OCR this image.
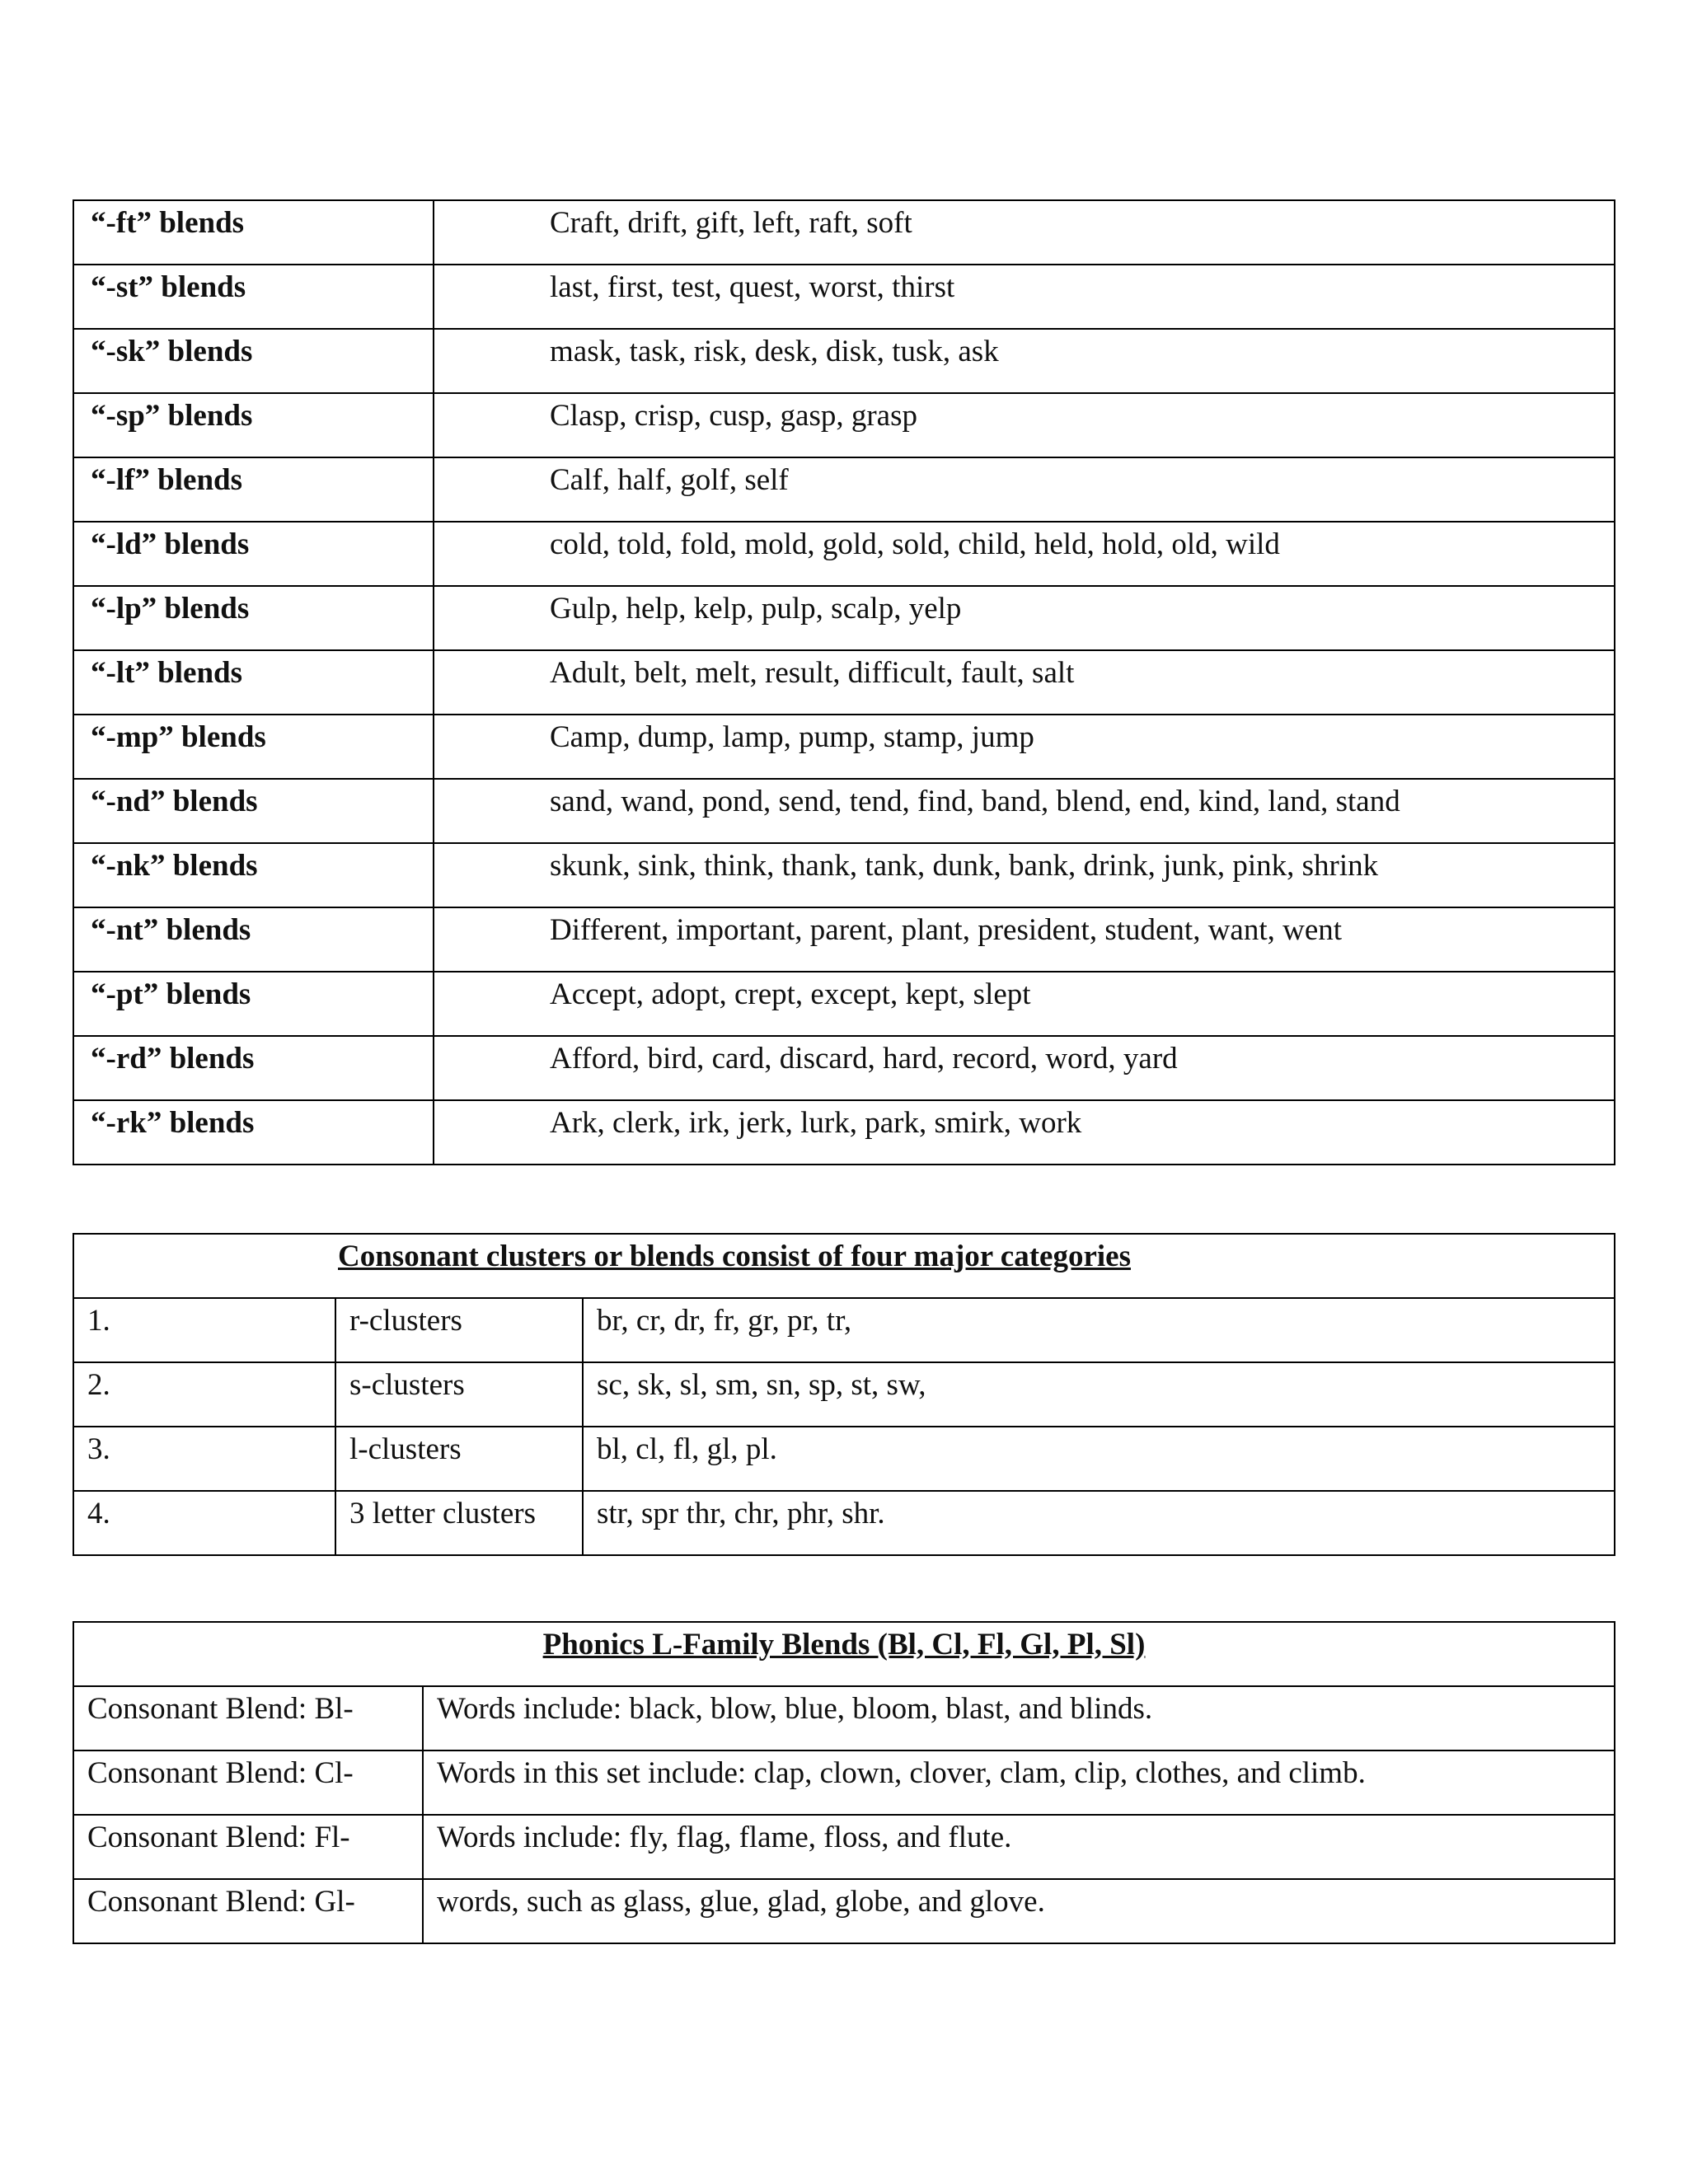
“-ft” blends	Craft, drift, gift, left, raft, soft
“-st” blends	last, first, test, quest, worst, thirst
“-sk” blends	mask, task, risk, desk, disk, tusk, ask
“-sp” blends	Clasp, crisp, cusp, gasp, grasp
“-lf” blends	Calf, half, golf, self
“-ld” blends	cold, told, fold, mold, gold, sold, child, held, hold, old, wild
“-lp” blends	Gulp, help, kelp, pulp, scalp, yelp
“-lt” blends	Adult, belt, melt, result, difficult, fault, salt
“-mp” blends	Camp, dump, lamp, pump, stamp, jump
“-nd” blends	sand, wand, pond, send, tend, find, band, blend, end, kind, land, stand
“-nk” blends	skunk, sink, think, thank, tank, dunk, bank, drink, junk, pink, shrink
“-nt” blends	Different, important, parent, plant, president, student, want, went
“-pt” blends	Accept, adopt, crept, except, kept, slept
“-rd” blends	Afford, bird, card, discard, hard, record, word, yard
“-rk” blends	Ark, clerk, irk, jerk, lurk, park, smirk, work
Consonant clusters or blends consist of four major categories		
1.	r-clusters	br, cr, dr, fr, gr, pr, tr,
2.	s-clusters	sc, sk, sl, sm, sn, sp, st, sw,
3.	l-clusters	bl, cl, fl, gl, pl.
4.	3 letter clusters	str, spr thr, chr, phr, shr.
Phonics L-Family Blends (Bl, Cl, Fl, Gl, Pl, Sl)	
Consonant Blend: Bl-	Words include: black, blow, blue, bloom, blast, and blinds.
Consonant Blend: Cl-	Words in this set include: clap, clown, clover, clam, clip, clothes, and climb.
Consonant Blend: Fl-	Words include: fly, flag, flame, floss, and flute.
Consonant Blend: Gl-	words, such as glass, glue, glad, globe, and glove.
